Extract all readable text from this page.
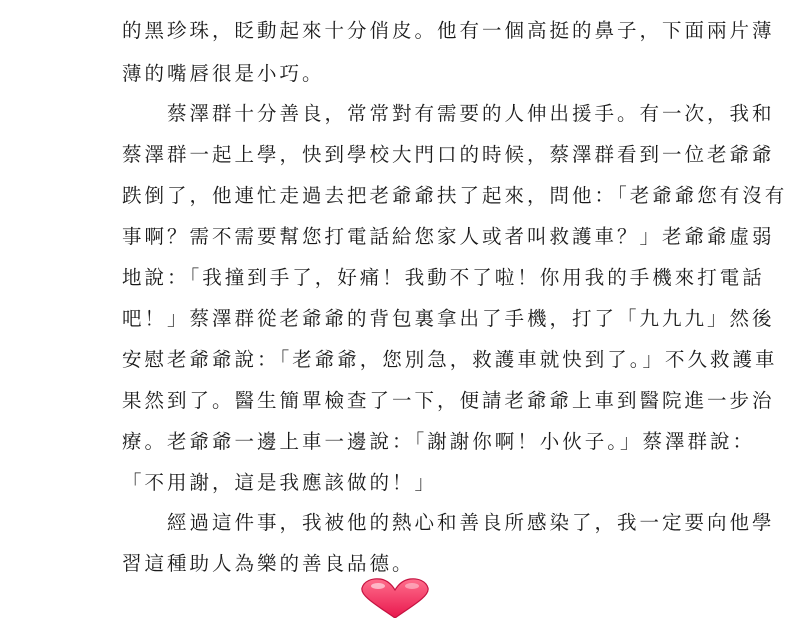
的黑珍珠，眨動起來十分俏皮。他有一個高挺的鼻子，下面兩片薄
薄的嘴唇很是小巧。
　　蔡澤群十分善良，常常對有需要的人伸出援手。有一次，我和
蔡澤群一起上學，快到學校大門口的時候，蔡澤群看到一位老爺爺
跌倒了，他連忙走過去把老爺爺扶了起來，問他：「老爺爺您有沒有
事啊？需不需要幫您打電話給您家人或者叫救護車？」老爺爺虛弱
地說：「我撞到手了，好痛！我動不了啦！你用我的手機來打電話
吧！」蔡澤群從老爺爺的背包裏拿出了手機，打了「九九九」然後
安慰老爺爺說：「老爺爺，您別急，救護車就快到了。」不久救護車
果然到了。醫生簡單檢查了一下，便請老爺爺上車到醫院進一步治
療。老爺爺一邊上車一邊說：「謝謝你啊！小伙子。」蔡澤群說：
「不用謝，這是我應該做的！」
　　經過這件事，我被他的熱心和善良所感染了，我一定要向他學
習這種助人為樂的善良品德。
